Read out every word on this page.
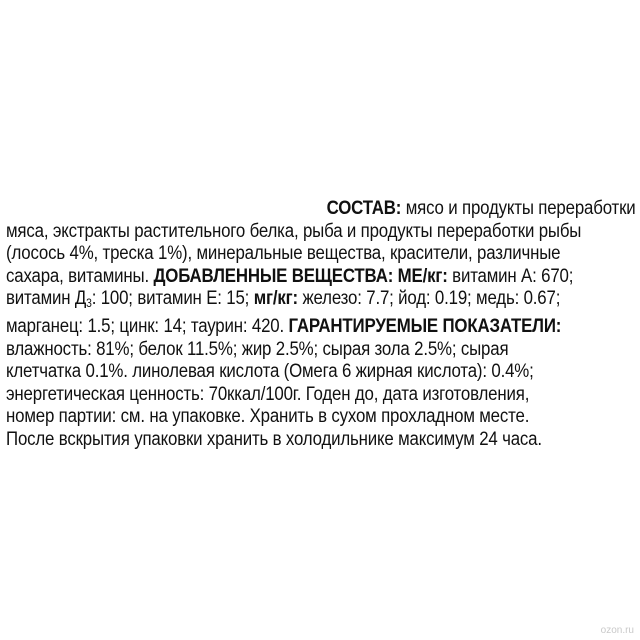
СОСТАВ: мясо и продукты переработки
мяса, экстракты растительного белка, рыба и продукты переработки рыбы
(лосось 4%, треска 1%), минеральные вещества, красители, различные
сахара, витамины. ДОБАВЛЕННЫЕ ВЕЩЕСТВА: МЕ/кг: витамин А: 670;
витамин Д3: 100; витамин Е: 15; мг/кг: железо: 7.7; йод: 0.19; медь: 0.67;
марганец: 1.5; цинк: 14; таурин: 420. ГАРАНТИРУЕМЫЕ ПОКАЗАТЕЛИ:
влажность: 81%; белок 11.5%; жир 2.5%; сырая зола 2.5%; сырая
клетчатка 0.1%. линолевая кислота (Омега 6 жирная кислота): 0.4%;
энергетическая ценность: 70ккал/100г. Годен до, дата изготовления,
номер партии: см. на упаковке. Хранить в сухом прохладном месте.
После вскрытия упаковки хранить в холодильнике максимум 24 часа.
ozon.ru
